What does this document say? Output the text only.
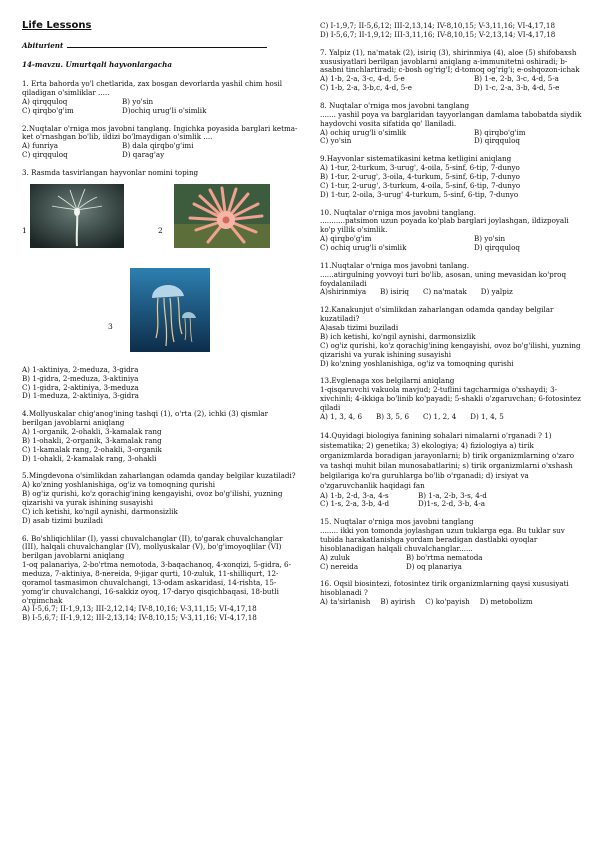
Life Lessons
Abiturient
14-mavzu. Umurtqali hayvonlargacha

1. Erta bahorda yo'l chetlarida, zax bosgan devorlarda yashil chim hosil qiladigan o'simliklar .....

A) qirqquloq	B) yo'sin
C) qirqbo'g'im	D)ochiq urug'li o'simlik

2.Nuqtalar o'rniga mos javobni tanglang. Ingichka poyasida barglari ketma-ket o'rnashgan bo'lib, ildizi bo'lmaydigan o'simlik ....

A) funriya	B) dala qirqbo'g'imi
C) qirqquloq	D) qarag'ay

3. Rasmda tasvirlangan hayvonlar nomini toping

1	2
3

A) 1-aktiniya, 2-meduza, 3-gidra

B) 1-gidra, 2-meduza, 3-aktiniya

C) 1-gidra, 2-aktiniya, 3-meduza

D) 1-meduza, 2-aktiniya, 3-gidra

4.Mollyuskalar chig'anog'ining tashqi (1), o'rta (2), ichki (3) qismlar berilgan javoblarni aniqlang

A) 1-organik, 2-ohakli, 3-kamalak rang

B) 1-ohakli, 2-organik, 3-kamalak rang

C) 1-kamalak rang, 2-ohakli, 3-organik

D) 1-ohakli, 2-kamalak rang, 3-ohakli

5.Mingdevona o'simlikdan zaharlangan odamda qanday belgilar kuzatiladi?

A) ko'zning yoshlanishiga, og'iz va tomoqning qurishi

B) og'iz qurishi, ko'z qorachig'ining kengayishi, ovoz bo'g'ilishi, yuzning qizarishi va yurak ishining susayishi

C) ich ketishi, ko'ngil aynishi, darmonsizlik

D) asab tizimi buziladi

6. Bo'shliqichlilar (I), yassi chuvalchanglar (II), to'garak chuvalchanglar (III), halqali chuvalchanglar (IV), mollyuskalar (V), bo'g'imoyoqlilar (VI) berilgan javoblarni aniqlang

1-oq palanariya, 2-bo'rtma nemotoda, 3-baqachanoq, 4-xonqizi, 5-gidra, 6-meduza, 7-aktiniya, 8-nereida, 9-jigar qurti, 10-zuluk, 11-shilliqurt, 12-qoramol tasmasimon chuvalchangi, 13-odam askaridasi, 14-rishta, 15-yomg'ir chuvalchangi, 16-sakkiz oyoq, 17-daryo qisqichbaqasi, 18-butli o'rgimchak

A) I-5,6,7; II-1,9,13; III-2,12,14; IV-8,10,16; V-3,11,15; VI-4,17,18

B) I-5,6,7; II-1,9,12; III-2,13,14; IV-8,10,15; V-3,11,16; VI-4,17,18

C) I-1,9,7; II-5,6,12; III-2,13,14; IV-8,10,15; V-3,11,16; VI-4,17,18

D) I-5,6,7; II-1,9,12; III-3,11,16; IV-8,10,15; V-2,13,14; VI-4,17,18

7. Yalpiz (1), na'matak (2), isiriq (3), shirinmiya (4), aloe (5) shifobaxsh xususiyatlari berilgan javoblarni aniqlang a-immunitetni oshiradi; b-asabni tinchlartiradi; c-bosh og'rig'I; d-tomoq og'rig'i; e-oshqozon-ichak

A) 1-b, 2-a, 3-c, 4-d, 5-e	B) 1-e, 2-b, 3-c, 4-d, 5-a
C) 1-b, 2-a, 3-b,c, 4-d, 5-e	D) 1-c, 2-a, 3-b, 4-d, 5-e

8. Nuqtalar o'rniga mos javobni tanglang

....... yashil poya va barglaridan tayyorlangan damlama tabobatda siydik haydovchi vosita sifatida qo' llaniladi.

A) ochiq urug'li o'simlik	B) qirqbo'g'im
C) yo'sin	D) qirqquloq

9.Hayvonlar sistematikasini ketma ketligini aniqlang

A) 1-tur, 2-turkum, 3-urug', 4-oila, 5-sinf, 6-tip, 7-dunyo

B) 1-tur, 2-urug', 3-oila, 4-turkum, 5-sinf, 6-tip, 7-dunyo

C) 1-tur, 2-urug', 3-turkum, 4-oila, 5-sinf, 6-tip, 7-dunyo

D) 1-tur, 2-oila, 3-urug' 4-turkum, 5-sinf, 6-tip, 7-dunyo

10. Nuqtalar o'rniga mos javobni tanglang.

...........patsimon uzun poyada ko'plab barglari joylashgan, ildizpoyali ko'p yillik o'simlik.

A) qirqbo'g'im	B) yo'sin
C) ochiq urug'li o'simlik	D) qirqquloq

11.Nuqtalar o'rniga mos javobni tanlang.

......atirgulning yovvoyi turi bo'lib, asosan, uning mevasidan ko'proq foydalaniladi

A)shirinmiya B) isiriq C) na'matak D) yalpiz

12.Kanakunjut o'simlikdan zaharlangan odamda qanday belgilar kuzatiladi?

A)asab tizimi buziladi

B) ich ketishi, ko'ngil aynishi, darmonsizlik

C) og'iz qurishi, ko'z qorachig'ining kengayishi, ovoz bo'g'ilishi, yuzning qizarishi va yurak ishining susayishi

D) ko'zning yoshlanishiga, og'iz va tomoqning qurishi

13.Evglenaga xos belgilarni aniqlang

1-qisqaruvchi vakuola mavjud; 2-tuflini tagcharmiga o'xshaydi; 3-xivchinli; 4-ikkiga bo'linib ko'payadi; 5-shakli o'zgaruvchan; 6-fotosintez qiladi

A) 1, 3, 4, 6 B) 3, 5, 6 C) 1, 2, 4 D) 1, 4, 5

14.Quyidagi biologiya fanining sohalari nimalarni o'rganadi ? 1) sistematika; 2) genetika; 3) ekologiya; 4) fiziologiya a) tirik organizmlarda boradigan jarayonlarni; b) tirik organizmlarning o'zaro va tashqi muhit bilan munosabatlarini; s) tirik organizmlarni o'xshash belgilariga ko'ra guruhlarga bo'lib o'rganadi; d) irsiyat va o'zgaruvchanlik haqidagi fan

A) 1-b, 2-d, 3-a, 4-s	B) 1-a, 2-b, 3-s, 4-d
C) 1-s, 2-a, 3-b, 4-d	D)1-s, 2-d, 3-b, 4-a

15. Nuqtalar o'rniga mos javobni tanglang

........ ikki yon tomonda joylashgan uzun tuklarga ega. Bu tuklar suv tubida harakatlanishga yordam beradigan dastlabki oyoqlar hisoblanadigan halqali chuvalchanglar......

A) zuluk	B) bo'rtma nematoda
C) nereida	D) oq planariya

16. Oqsil biosintezi, fotosintez tirik organizmlarning qaysi xususiyati hisoblanadi ?

A) ta'sirlanish B) ayirish C) ko'payish D) metobolizm
